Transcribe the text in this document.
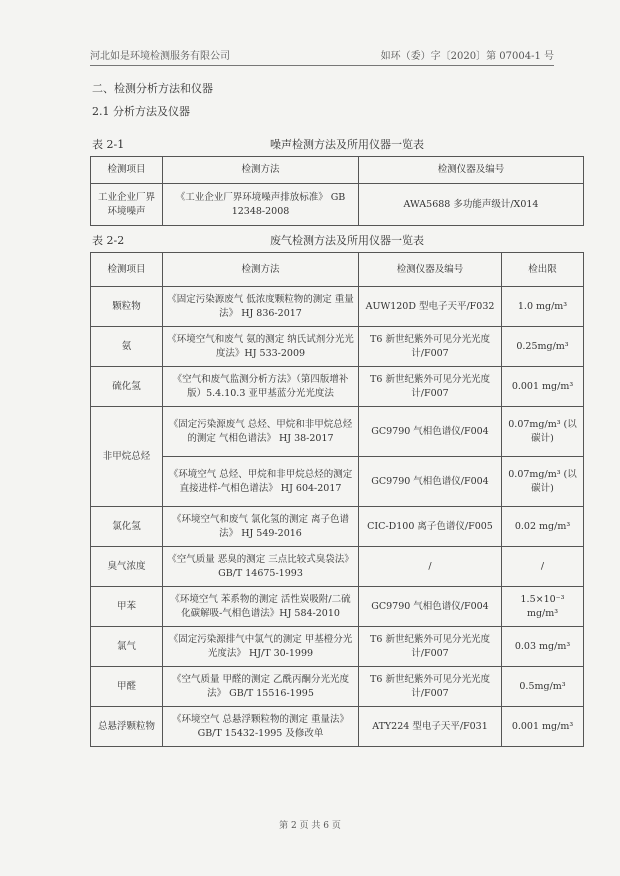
河北如是环境检测服务有限公司	如环（委）字〔2020〕第 07004-1 号
二、检测分析方法和仪器
2.1 分析方法及仪器
表 2-1	噪声检测方法及所用仪器一览表
检测项目	检测方法	检测仪器及编号
工业企业厂界环境噪声	《工业企业厂界环境噪声排放标准》 GB 12348-2008	AWA5688 多功能声级计/X014
表 2-2	废气检测方法及所用仪器一览表
检测项目	检测方法	检测仪器及编号	检出限
颗粒物	《固定污染源废气 低浓度颗粒物的测定 重量法》 HJ 836-2017	AUW120D 型电子天平/F032	1.0 mg/m³
氨	《环境空气和废气 氨的测定 纳氏试剂分光光度法》HJ 533-2009	T6 新世纪紫外可见分光光度计/F007	0.25mg/m³
硫化氢	《空气和废气监测分析方法》（第四版增补版）5.4.10.3 亚甲基蓝分光光度法	T6 新世纪紫外可见分光光度计/F007	0.001 mg/m³
非甲烷总烃	《固定污染源废气 总烃、甲烷和非甲烷总烃的测定 气相色谱法》 HJ 38-2017	GC9790 气相色谱仪/F004	0.07mg/m³ (以碳计)
	《环境空气 总烃、甲烷和非甲烷总烃的测定直接进样-气相色谱法》 HJ 604-2017	GC9790 气相色谱仪/F004	0.07mg/m³ (以碳计)
氯化氢	《环境空气和废气 氯化氢的测定 离子色谱法》 HJ 549-2016	CIC-D100 离子色谱仪/F005	0.02 mg/m³
臭气浓度	《空气质量 恶臭的测定 三点比较式臭袋法》GB/T 14675-1993	/	/
甲苯	《环境空气 苯系物的测定 活性炭吸附/二硫化碳解吸-气相色谱法》HJ 584-2010	GC9790 气相色谱仪/F004	1.5×10⁻³ mg/m³
氯气	《固定污染源排气中氯气的测定 甲基橙分光光度法》 HJ/T 30-1999	T6 新世纪紫外可见分光光度计/F007	0.03 mg/m³
甲醛	《空气质量 甲醛的测定 乙酰丙酮分光光度法》 GB/T 15516-1995	T6 新世纪紫外可见分光光度计/F007	0.5mg/m³
总悬浮颗粒物	《环境空气 总悬浮颗粒物的测定 重量法》 GB/T 15432-1995 及修改单	ATY224 型电子天平/F031	0.001 mg/m³
第 2 页 共 6 页
